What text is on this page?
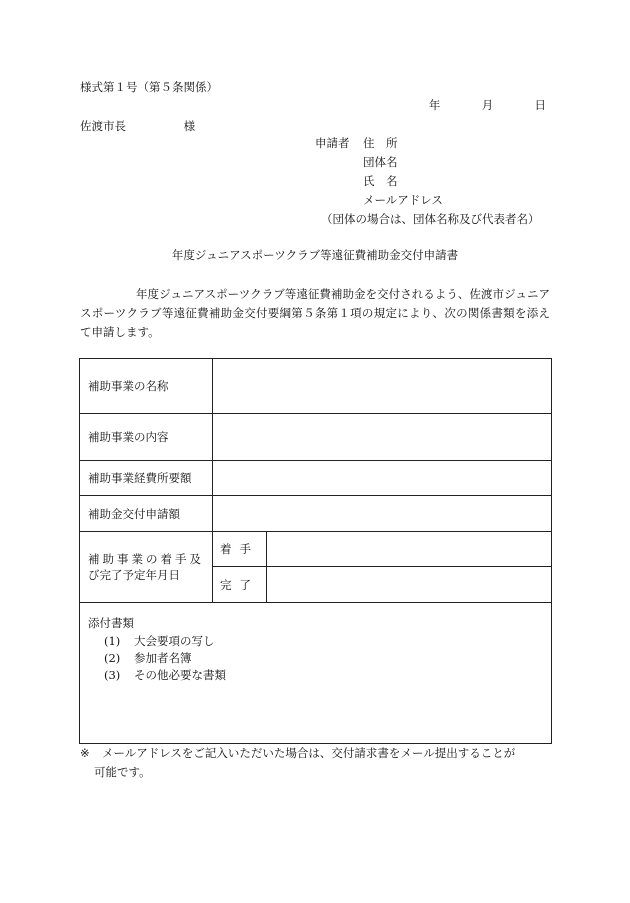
様式第１号（第５条関係）
年	月	日
佐渡市長	様
申請者 住　所
団体名
氏　名
メールアドレス
（団体の場合は、団体名称及び代表者名）
年度ジュニアスポーツクラブ等遠征費補助金交付申請書
年度ジュニアスポーツクラブ等遠征費補助金を交付されるよう、佐渡市ジュニアスポーツクラブ等遠征費補助金交付要綱第５条第１項の規定により、次の関係書類を添えて申請します。
補助事業の名称		
補助事業の内容		
補助事業経費所要額		
補助金交付申請額		

補助事業の着手及
び完了予定年月日	着手	
	完了	

添付書類
(1) 大会要項の写し
(2) 参加者名簿
(3) その他必要な書類		
※ メールアドレスをご記入いただいた場合は、交付請求書をメール提出することが
可能です。
